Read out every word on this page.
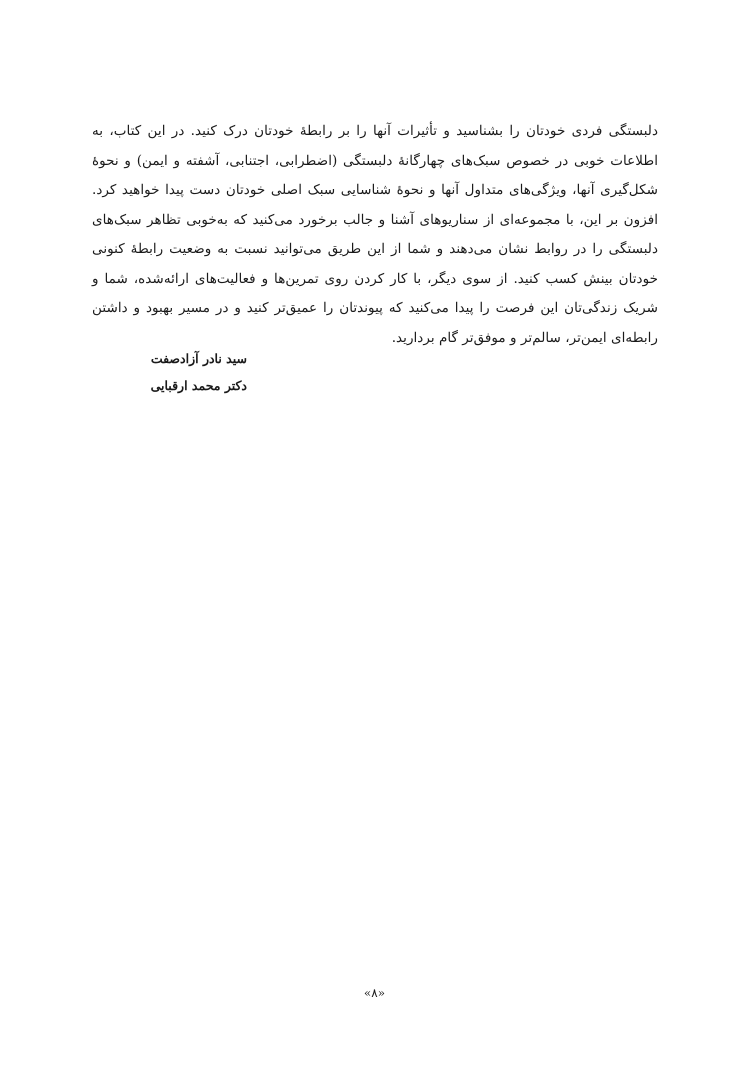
دلبستگی فردی خودتان را بشناسید و تأثیرات آنها را بر رابطهٔ خودتان درک کنید. در این کتاب، به
اطلاعات خوبی در خصوص سبک‌های چهارگانهٔ دلبستگی (اضطرابی، اجتنابی، آشفته و ایمن) و نحوهٔ
شکل‌گیری آنها، ویژگی‌های متداول آنها و نحوهٔ شناسایی سبک اصلی خودتان دست پیدا خواهید کرد.
افزون بر این، با مجموعه‌ای از سناریوهای آشنا و جالب برخورد می‌کنید که به‌خوبی تظاهر سبک‌های
دلبستگی را در روابط نشان می‌دهند و شما از این طریق می‌توانید نسبت به وضعیت رابطهٔ کنونی
خودتان بینش کسب کنید. از سوی دیگر، با کار کردن روی تمرین‌ها و فعالیت‌های ارائه‌شده، شما و
شریک زندگی‌تان این فرصت را پیدا می‌کنید که پیوندتان را عمیق‌تر کنید و در مسیر بهبود و داشتن
رابطه‌ای ایمن‌تر، سالم‌تر و موفق‌تر گام بردارید.
سید نادر آزادصفت
دکتر محمد ارقبایی
«۸»
